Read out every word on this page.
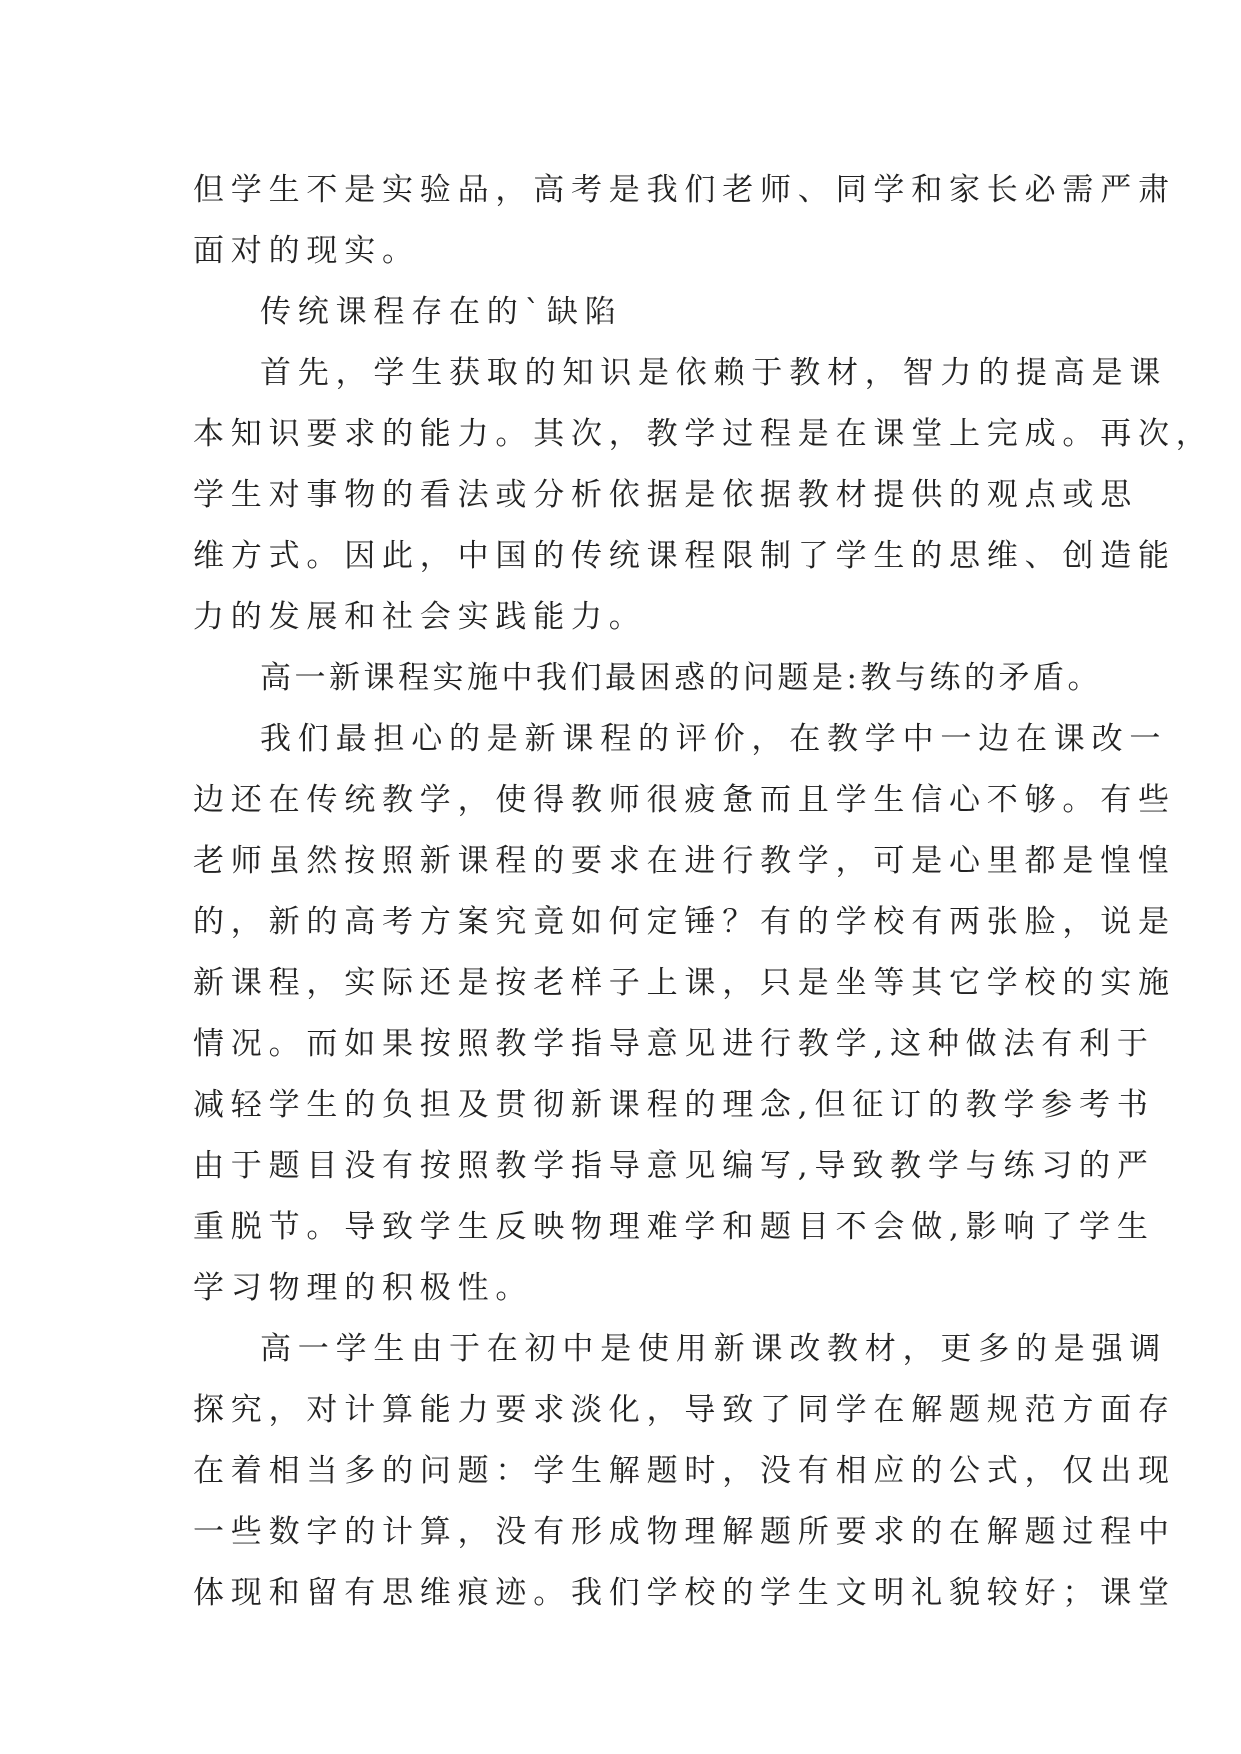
但学生不是实验品，高考是我们老师、同学和家长必需严肃
面对的现实。
传统课程存在的`缺陷
首先，学生获取的知识是依赖于教材，智力的提高是课
本知识要求的能力。其次，教学过程是在课堂上完成。再次，
学生对事物的看法或分析依据是依据教材提供的观点或思
维方式。因此，中国的传统课程限制了学生的思维、创造能
力的发展和社会实践能力。
高一新课程实施中我们最困惑的问题是:教与练的矛盾。
我们最担心的是新课程的评价，在教学中一边在课改一
边还在传统教学，使得教师很疲惫而且学生信心不够。有些
老师虽然按照新课程的要求在进行教学，可是心里都是惶惶
的，新的高考方案究竟如何定锤？有的学校有两张脸，说是
新课程，实际还是按老样子上课，只是坐等其它学校的实施
情况。而如果按照教学指导意见进行教学,这种做法有利于
减轻学生的负担及贯彻新课程的理念,但征订的教学参考书
由于题目没有按照教学指导意见编写,导致教学与练习的严
重脱节。导致学生反映物理难学和题目不会做,影响了学生
学习物理的积极性。
高一学生由于在初中是使用新课改教材，更多的是强调
探究，对计算能力要求淡化，导致了同学在解题规范方面存
在着相当多的问题：学生解题时，没有相应的公式，仅出现
一些数字的计算，没有形成物理解题所要求的在解题过程中
体现和留有思维痕迹。我们学校的学生文明礼貌较好；课堂
